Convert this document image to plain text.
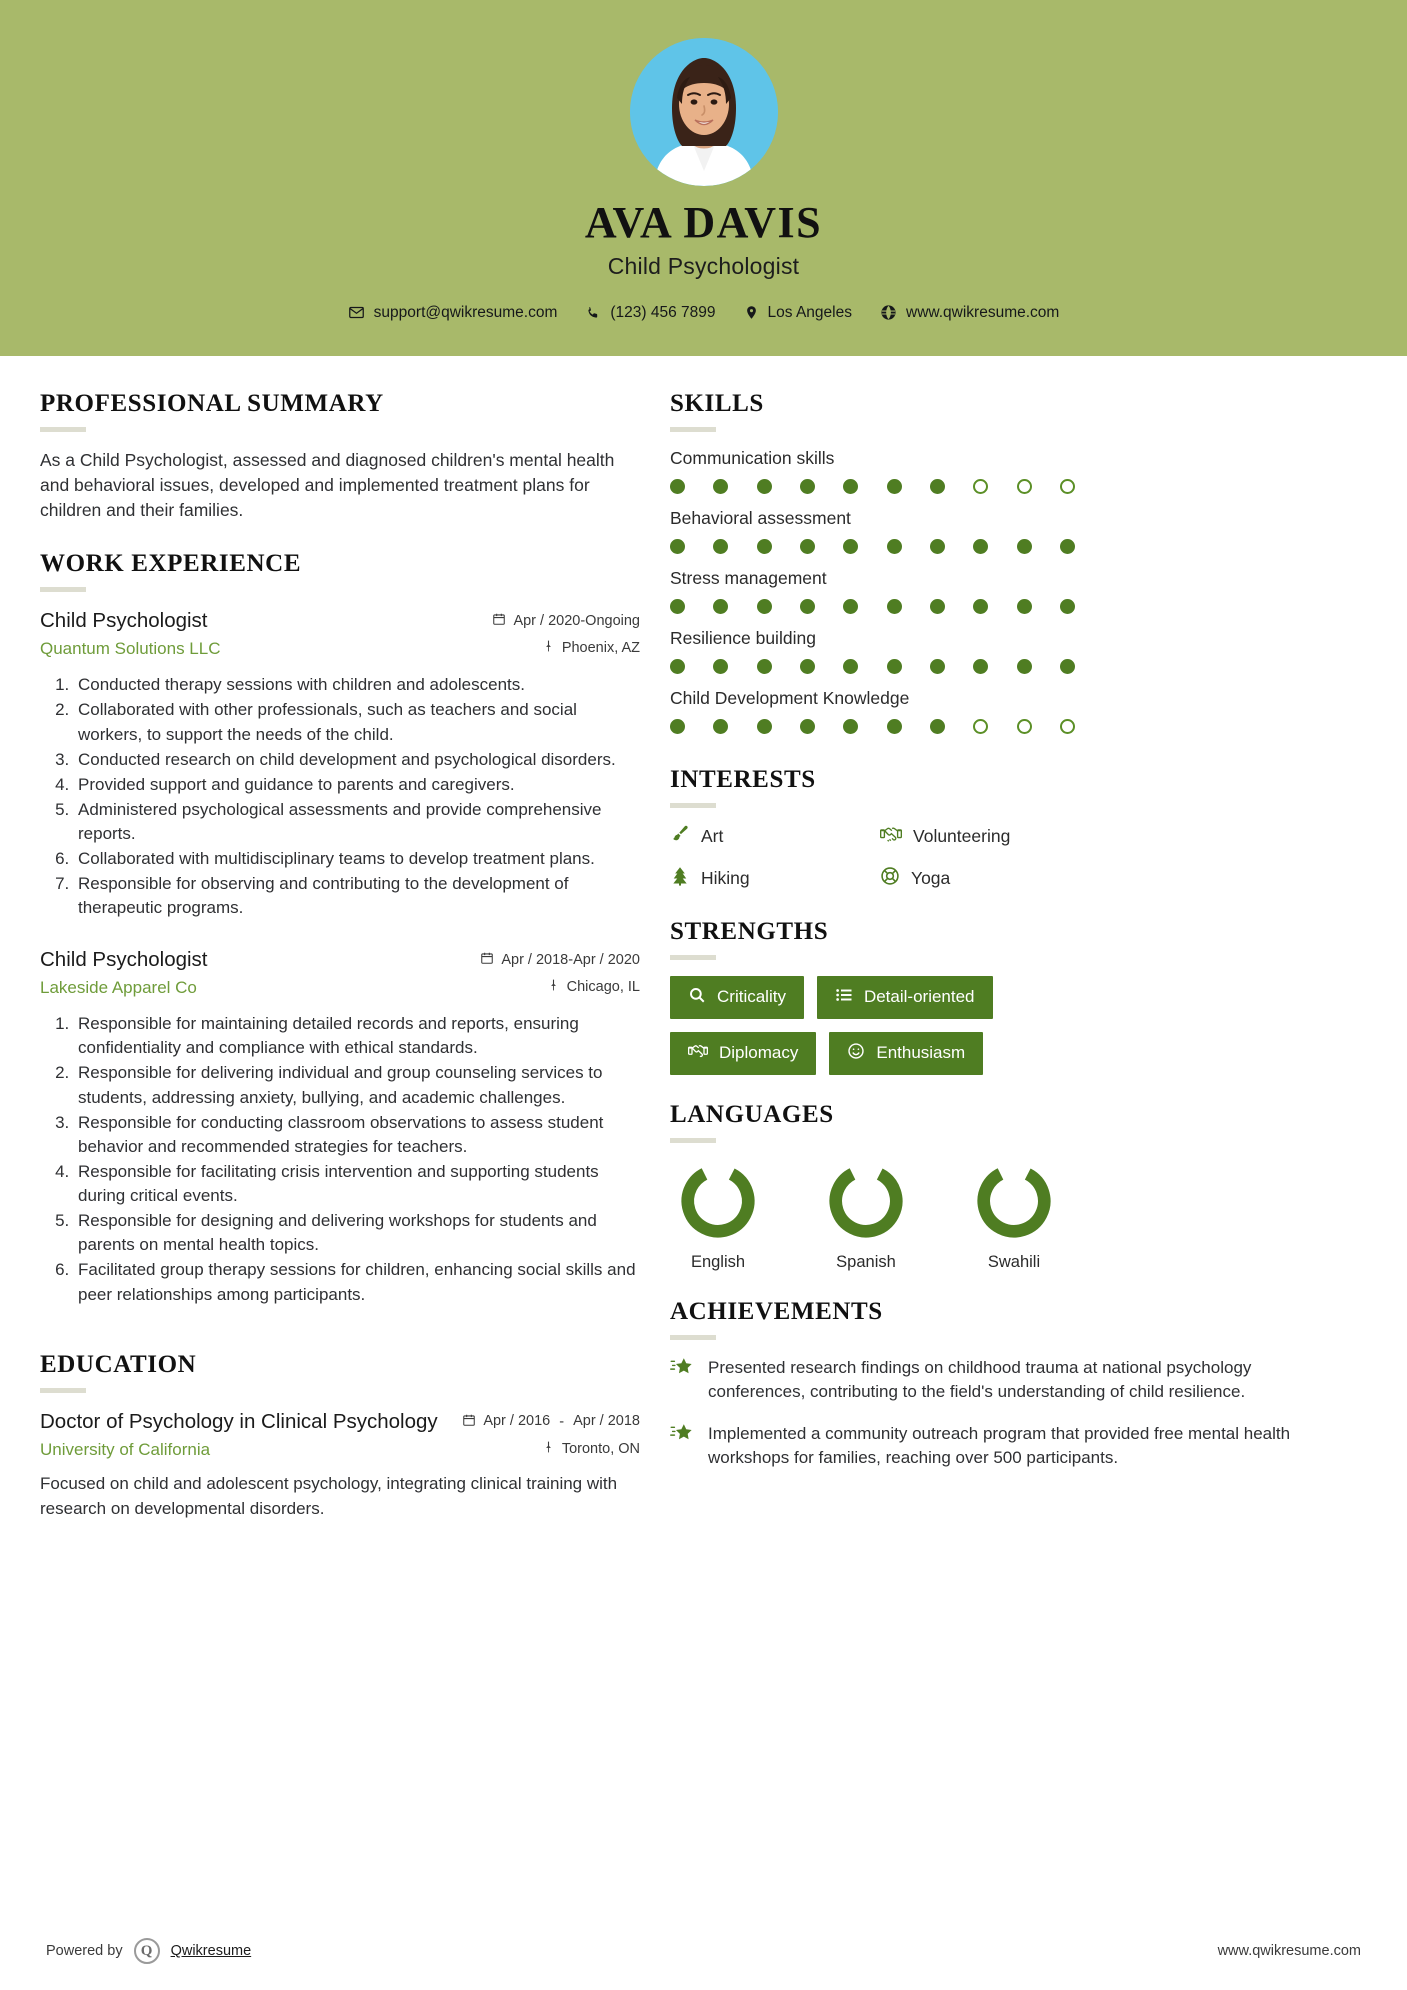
AVA DAVIS
Child Psychologist
support@qwikresume.com	(123) 456 7899	Los Angeles	www.qwikresume.com
PROFESSIONAL SUMMARY
As a Child Psychologist, assessed and diagnosed children's mental health and behavioral issues, developed and implemented treatment plans for children and their families.
WORK EXPERIENCE
Child Psychologist
Quantum Solutions LLC
Apr / 2020-Ongoing
Phoenix, AZ
1. Conducted therapy sessions with children and adolescents.
2. Collaborated with other professionals, such as teachers and social workers, to support the needs of the child.
3. Conducted research on child development and psychological disorders.
4. Provided support and guidance to parents and caregivers.
5. Administered psychological assessments and provide comprehensive reports.
6. Collaborated with multidisciplinary teams to develop treatment plans.
7. Responsible for observing and contributing to the development of therapeutic programs.
Child Psychologist
Lakeside Apparel Co
Apr / 2018-Apr / 2020
Chicago, IL
1. Responsible for maintaining detailed records and reports, ensuring confidentiality and compliance with ethical standards.
2. Responsible for delivering individual and group counseling services to students, addressing anxiety, bullying, and academic challenges.
3. Responsible for conducting classroom observations to assess student behavior and recommended strategies for teachers.
4. Responsible for facilitating crisis intervention and supporting students during critical events.
5. Responsible for designing and delivering workshops for students and parents on mental health topics.
6. Facilitated group therapy sessions for children, enhancing social skills and peer relationships among participants.
EDUCATION
Doctor of Psychology in Clinical Psychology
University of California
Apr / 2016 - Apr / 2018
Toronto, ON
Focused on child and adolescent psychology, integrating clinical training with research on developmental disorders.
SKILLS
Communication skills
Behavioral assessment
Stress management
Resilience building
Child Development Knowledge
INTERESTS
Art	Volunteering
Hiking	Yoga
STRENGTHS
Criticality	Detail-oriented
Diplomacy	Enthusiasm
LANGUAGES
English	Spanish	Swahili
ACHIEVEMENTS
Presented research findings on childhood trauma at national psychology conferences, contributing to the field's understanding of child resilience.
Implemented a community outreach program that provided free mental health workshops for families, reaching over 500 participants.
Powered by Q Qwikresume	www.qwikresume.com
